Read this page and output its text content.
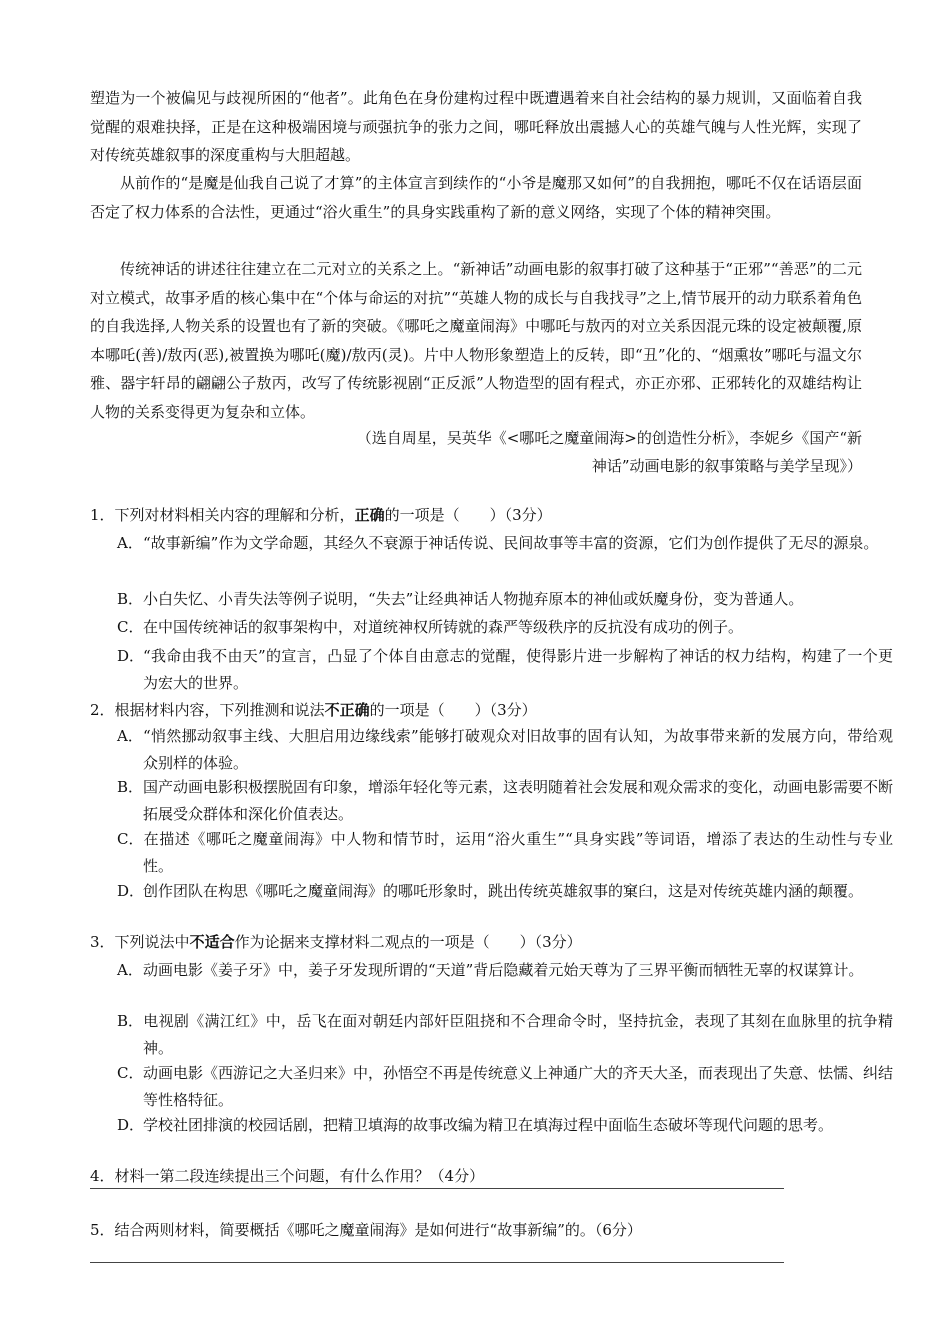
塑造为一个被偏见与歧视所困的“他者”。此角色在身份建构过程中既遭遇着来自社会结构的暴力规训，又面临着自我觉醒的艰难抉择，正是在这种极端困境与顽强抗争的张力之间，哪吒释放出震撼人心的英雄气魄与人性光辉，实现了对传统英雄叙事的深度重构与大胆超越。

从前作的“是魔是仙我自己说了才算”的主体宣言到续作的“小爷是魔那又如何”的自我拥抱，哪吒不仅在话语层面否定了权力体系的合法性，更通过“浴火重生”的具身实践重构了新的意义网络，实现了个体的精神突围。

传统神话的讲述往往建立在二元对立的关系之上。“新神话”动画电影的叙事打破了这种基于“正邪”“善恶”的二元对立模式，故事矛盾的核心集中在“个体与命运的对抗”“英雄人物的成长与自我找寻”之上,情节展开的动力联系着角色的自我选择,人物关系的设置也有了新的突破。《哪吒之魔童闹海》中哪吒与敖丙的对立关系因混元珠的设定被颠覆,原本哪吒(善)/敖丙(恶),被置换为哪吒(魔)/敖丙(灵)。片中人物形象塑造上的反转，即“丑”化的、“烟熏妆”哪吒与温文尔雅、器宇轩昂的翩翩公子敖丙，改写了传统影视剧“正反派”人物造型的固有程式，亦正亦邪、正邪转化的双雄结构让人物的关系变得更为复杂和立体。

（选自周星，吴英华《<哪吒之魔童闹海>的创造性分析》，李妮乡《国产“新
神话”动画电影的叙事策略与美学呈现》）
1．下列对材料相关内容的理解和分析，正确的一项是（　　）（3分）
A．“故事新编”作为文学命题，其经久不衰源于神话传说、民间故事等丰富的资源，它们为创作提供了无尽的源泉。
B．小白失忆、小青失法等例子说明，“失去”让经典神话人物抛弃原本的神仙或妖魔身份，变为普通人。
C．在中国传统神话的叙事架构中，对道统神权所铸就的森严等级秩序的反抗没有成功的例子。
D．“我命由我不由天”的宣言，凸显了个体自由意志的觉醒，使得影片进一步解构了神话的权力结构，构建了一个更为宏大的世界。
2．根据材料内容，下列推测和说法不正确的一项是（　　）（3分）
A．“悄然挪动叙事主线、大胆启用边缘线索”能够打破观众对旧故事的固有认知，为故事带来新的发展方向，带给观众别样的体验。
B．国产动画电影积极摆脱固有印象，增添年轻化等元素，这表明随着社会发展和观众需求的变化，动画电影需要不断拓展受众群体和深化价值表达。
C．在描述《哪吒之魔童闹海》中人物和情节时，运用“浴火重生”“具身实践”等词语，增添了表达的生动性与专业性。
D．创作团队在构思《哪吒之魔童闹海》的哪吒形象时，跳出传统英雄叙事的窠臼，这是对传统英雄内涵的颠覆。
3．下列说法中不适合作为论据来支撑材料二观点的一项是（　　）（3分）
A．动画电影《姜子牙》中，姜子牙发现所谓的“天道”背后隐藏着元始天尊为了三界平衡而牺牲无辜的权谋算计。
B．电视剧《满江红》中，岳飞在面对朝廷内部奸臣阻挠和不合理命令时，坚持抗金，表现了其刻在血脉里的抗争精神。
C．动画电影《西游记之大圣归来》中，孙悟空不再是传统意义上神通广大的齐天大圣，而表现出了失意、怯懦、纠结等性格特征。
D．学校社团排演的校园话剧，把精卫填海的故事改编为精卫在填海过程中面临生态破坏等现代问题的思考。
4．材料一第二段连续提出三个问题，有什么作用？（4分）
5．结合两则材料，简要概括《哪吒之魔童闹海》是如何进行“故事新编”的。（6分）
